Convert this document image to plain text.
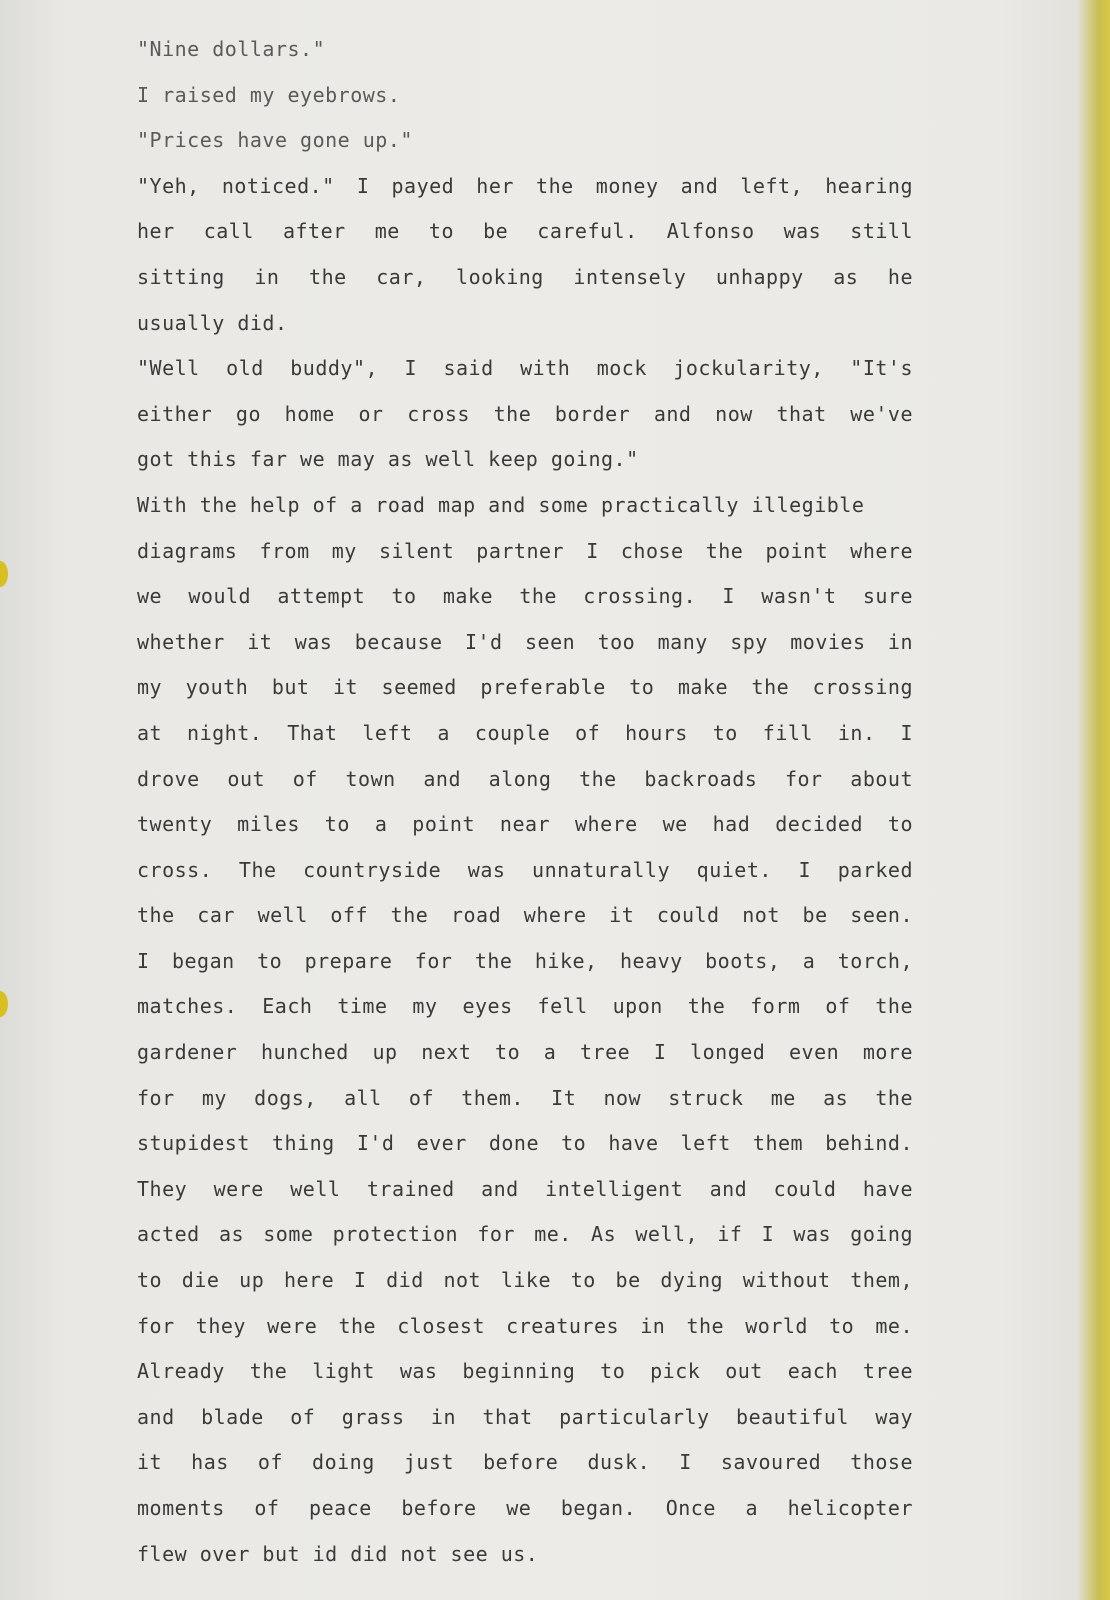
"Nine dollars."
I raised my eyebrows.
"Prices have gone up."
"Yeh, noticed." I payed her the money and left, hearing
her call after me to be careful. Alfonso was still
sitting in the car, looking intensely unhappy as he
usually did.
"Well old buddy", I said with mock jockularity, "It's
either go home or cross the border and now that we've
got this far we may as well keep going."
With the help of a road map and some practically illegible
diagrams from my silent partner I chose the point where
we would attempt to make the crossing. I wasn't sure
whether it was because I'd seen too many spy movies in
my youth but it seemed preferable to make the crossing
at night. That left a couple of hours to fill in. I
drove out of town and along the backroads for about
twenty miles to a point near where we had decided to
cross. The countryside was unnaturally quiet. I parked
the car well off the road where it could not be seen.
I began to prepare for the hike, heavy boots, a torch,
matches. Each time my eyes fell upon the form of the
gardener hunched up next to a tree I longed even more
for my dogs, all of them. It now struck me as the
stupidest thing I'd ever done to have left them behind.
They were well trained and intelligent and could have
acted as some protection for me. As well, if I was going
to die up here I did not like to be dying without them,
for they were the closest creatures in the world to me.
Already the light was beginning to pick out each tree
and blade of grass in that particularly beautiful way
it has of doing just before dusk. I savoured those
moments of peace before we began. Once a helicopter
flew over but id did not see us.
